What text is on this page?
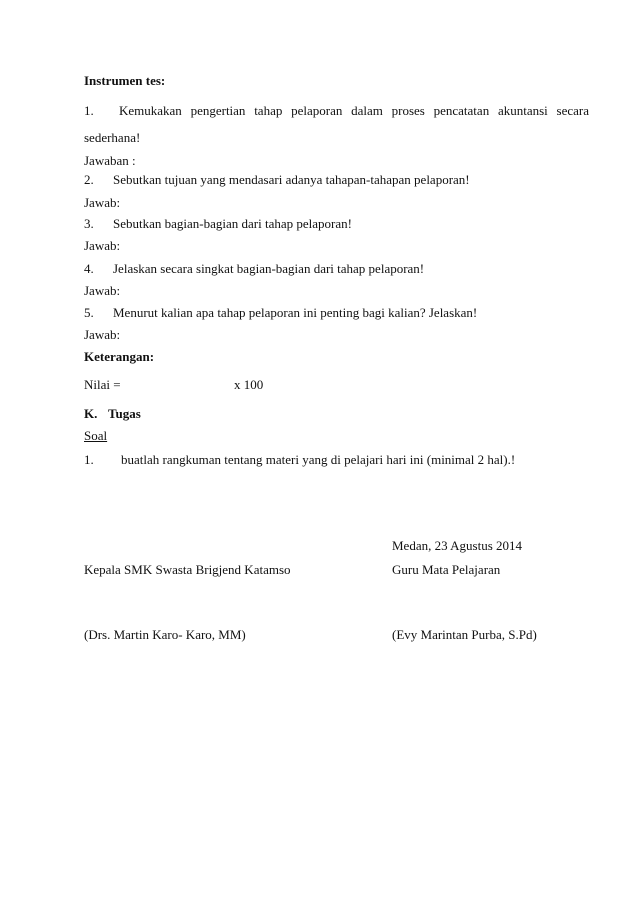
Instrumen tes:
1.	Kemukakan pengertian tahap pelaporan dalam proses pencatatan akuntansi secara
sederhana!
Jawaban :
2. Sebutkan tujuan yang mendasari adanya tahapan-tahapan pelaporan!
Jawab:
3. Sebutkan bagian-bagian dari tahap pelaporan!
Jawab:
4. Jelaskan secara singkat bagian-bagian dari tahap pelaporan!
Jawab:
5. Menurut kalian apa tahap pelaporan ini penting bagi kalian? Jelaskan!
Jawab:
Keterangan:
Nilai =	x 100
K. Tugas
Soal
1. buatlah rangkuman tentang materi yang di pelajari hari ini (minimal 2 hal).!
Medan, 23 Agustus 2014
Kepala SMK Swasta Brigjend Katamso	Guru Mata Pelajaran
(Drs. Martin Karo- Karo, MM)	(Evy Marintan Purba, S.Pd)
